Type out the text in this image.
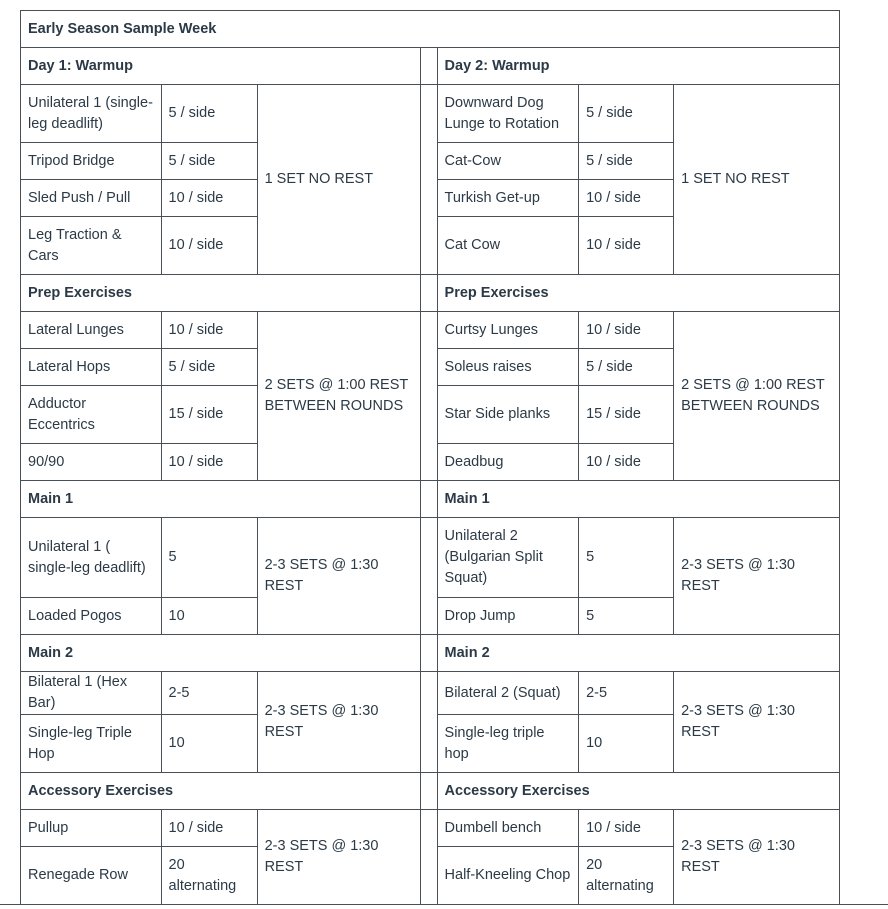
Early Season Sample Week						
Day 1: Warmup				Day 2: Warmup		
Unilateral 1 (single-leg deadlift)	5 / side	1 SET NO REST		Downward Dog Lunge to Rotation	5 / side	1 SET NO REST
Tripod Bridge	5 / side			Cat-Cow	5 / side	
Sled Push / Pull	10 / side			Turkish Get-up	10 / side	
Leg Traction & Cars	10 / side			Cat Cow	10 / side	
Prep Exercises				Prep Exercises		
Lateral Lunges	10 / side	2 SETS @ 1:00 REST BETWEEN ROUNDS		Curtsy Lunges	10 / side	2 SETS @ 1:00 REST BETWEEN ROUNDS
Lateral Hops	5 / side			Soleus raises	5 / side	
Adductor Eccentrics	15 / side			Star Side planks	15 / side	
90/90	10 / side			Deadbug	10 / side	
Main 1				Main 1		
Unilateral 1 ( single-leg deadlift)	5	2-3 SETS @ 1:30 REST		Unilateral 2 (Bulgarian Split Squat)	5	2-3 SETS @ 1:30 REST
Loaded Pogos	10			Drop Jump	5	
Main 2				Main 2		
Bilateral 1 (Hex Bar)	2-5	2-3 SETS @ 1:30 REST		Bilateral 2 (Squat)	2-5	2-3 SETS @ 1:30 REST
Single-leg Triple Hop	10			Single-leg triple hop	10	
Accessory Exercises				Accessory Exercises		
Pullup	10 / side	2-3 SETS @ 1:30 REST		Dumbell bench	10 / side	2-3 SETS @ 1:30 REST
Renegade Row	20 alternating			Half-Kneeling Chop	20 alternating	
